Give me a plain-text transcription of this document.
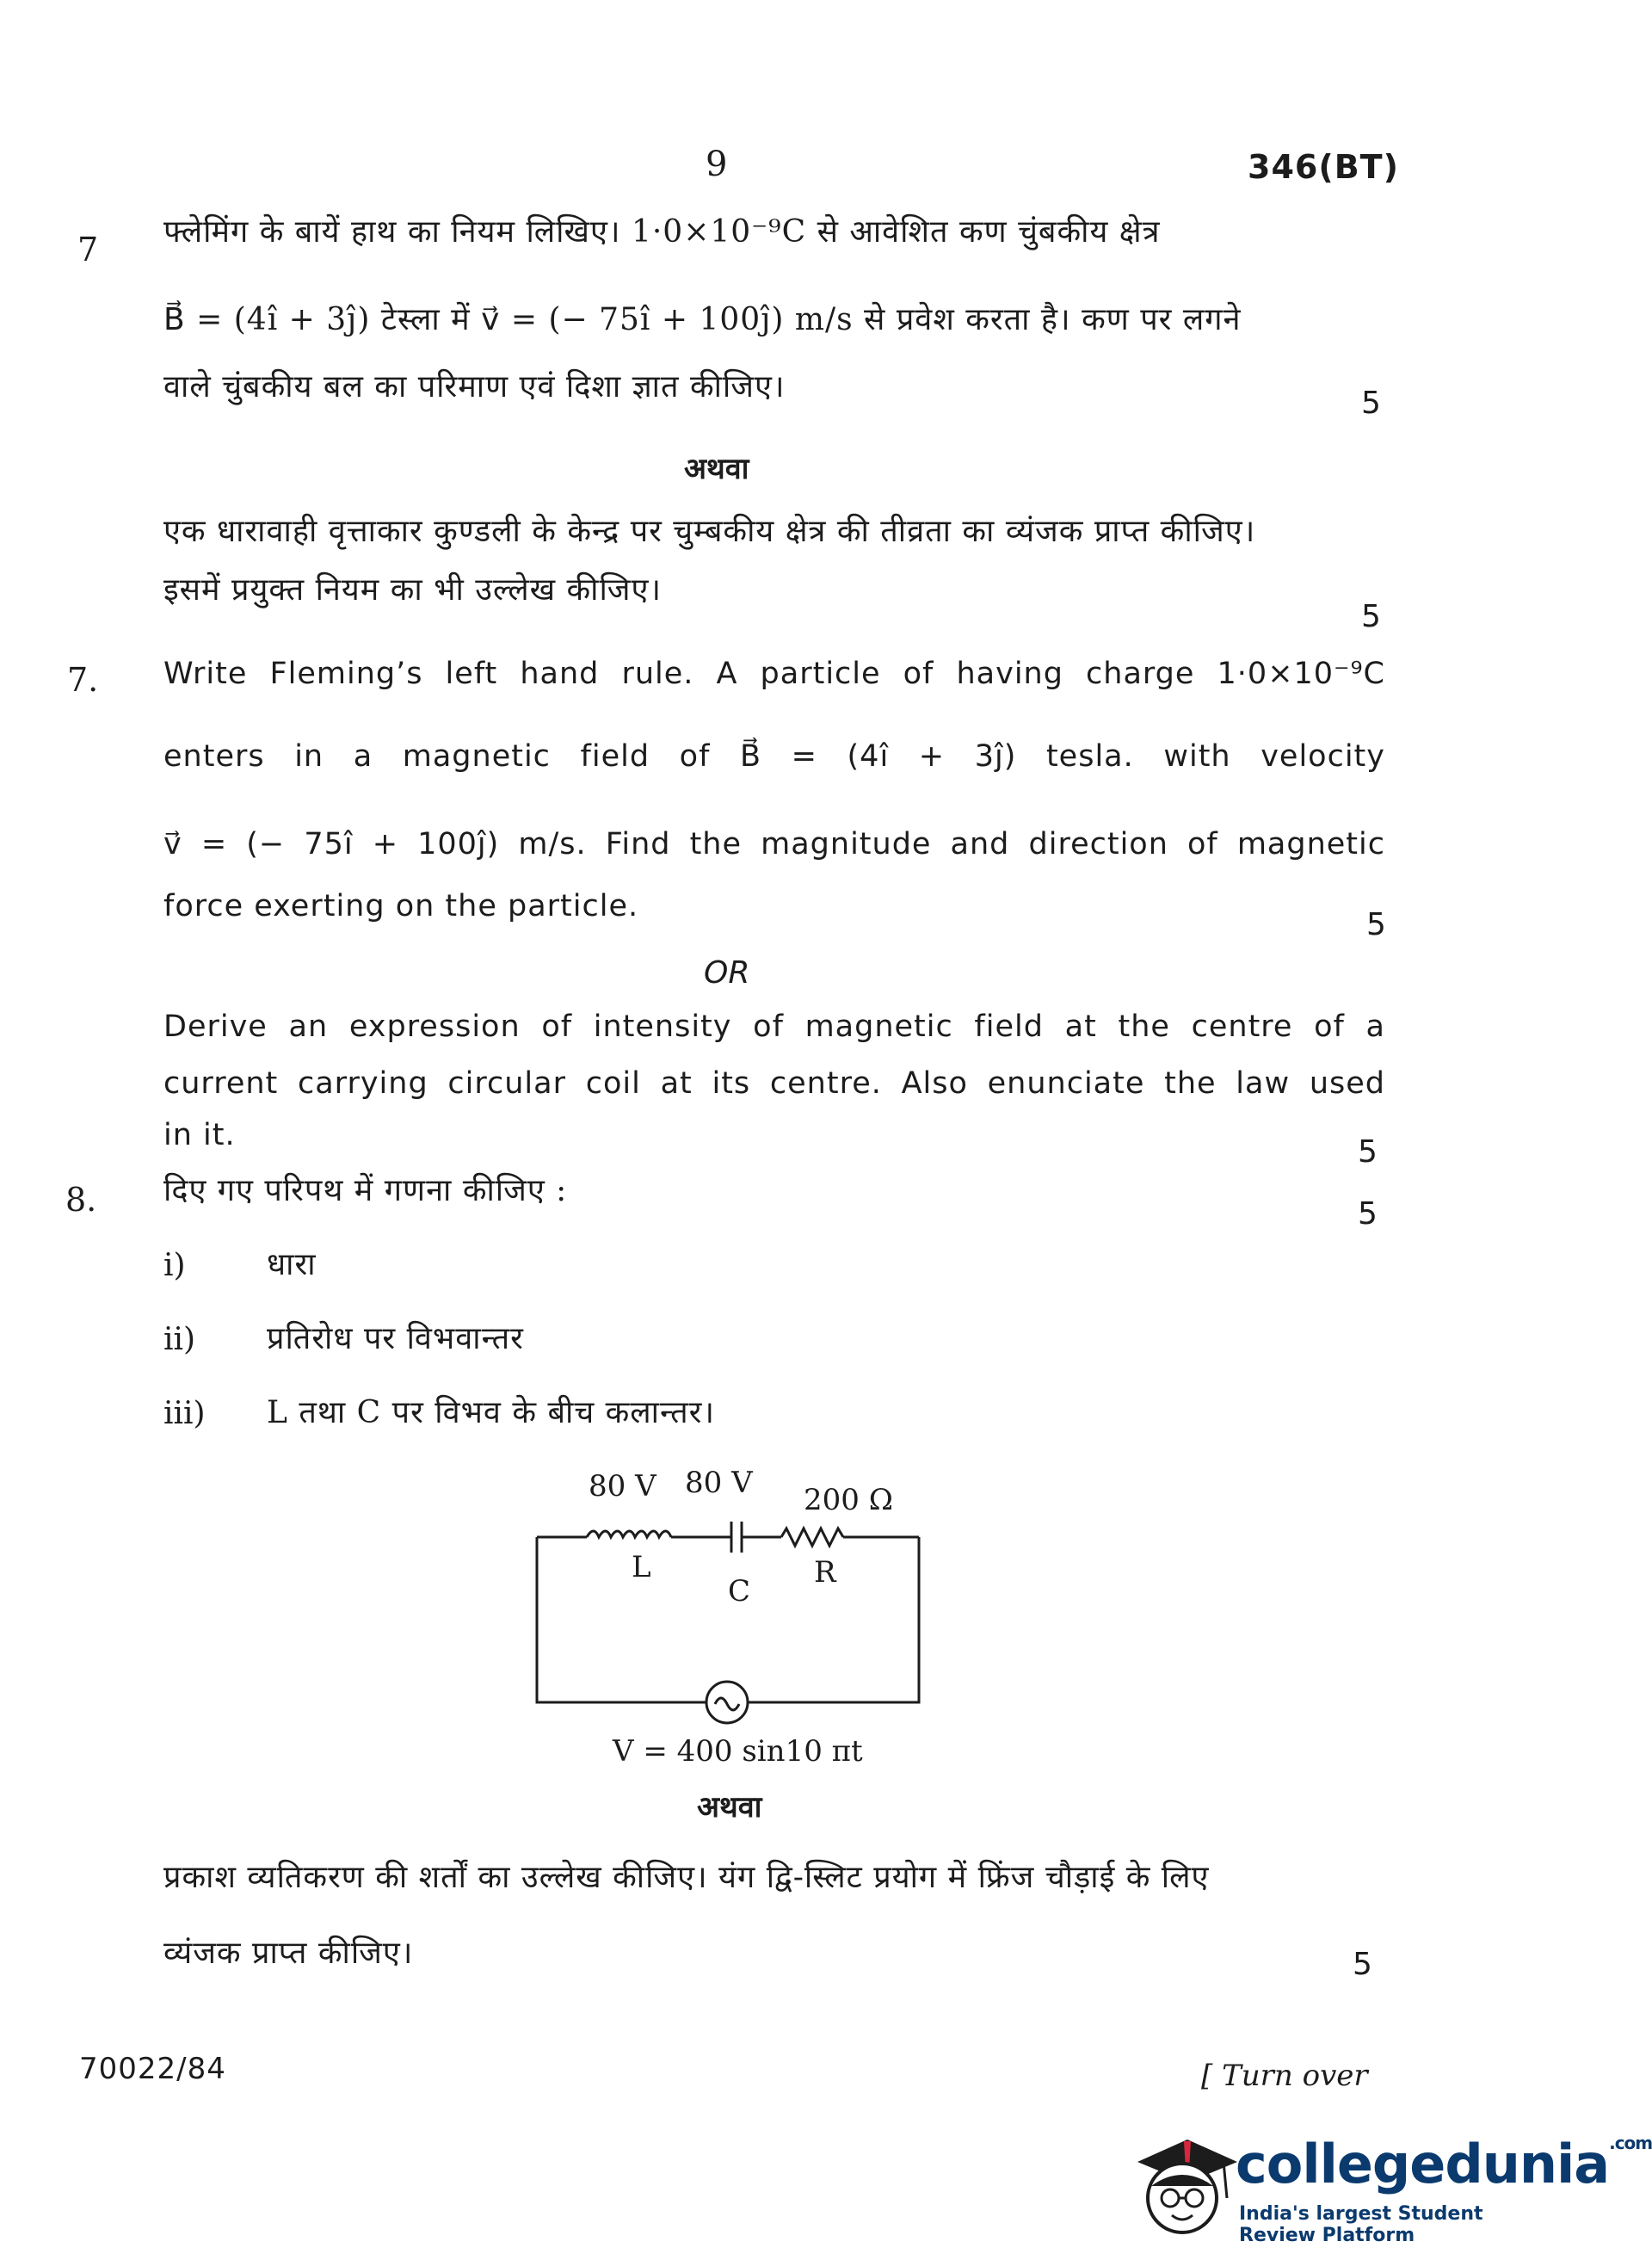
9	346(BT)
7 फ्लेमिंग के बायें हाथ का नियम लिखिए। 1·0×10⁻⁹C से आवेशित कण चुंबकीय क्षेत्र
B⃗ = (4î + 3ĵ) टेस्ला में v⃗ = (− 75î + 100ĵ) m/s से प्रवेश करता है। कण पर लगने
वाले चुंबकीय बल का परिमाण एवं दिशा ज्ञात कीजिए।	5
अथवा
एक धारावाही वृत्ताकार कुण्डली के केन्द्र पर चुम्बकीय क्षेत्र की तीव्रता का व्यंजक प्राप्त कीजिए।
इसमें प्रयुक्त नियम का भी उल्लेख कीजिए।
5
7. Write Fleming’s left hand rule. A particle of having charge 1·0×10⁻⁹C
enters in a magnetic field of B⃗ = (4î + 3ĵ) tesla. with velocity
v⃗ = (− 75î + 100ĵ) m/s. Find the magnitude and direction of magnetic
force exerting on the particle.
5
OR
Derive an expression of intensity of magnetic field at the centre of a
current carrying circular coil at its centre. Also enunciate the law used
in it.	5
8. दिए गए परिपथ में गणना कीजिए :
5
i)	धारा
ii) प्रतिरोध पर विभवान्तर
iii) L तथा C पर विभव के बीच कलान्तर।
80 V 80 V 200 Ω
L
C
R
V = 400 sin10 πt
अथवा
प्रकाश व्यतिकरण की शर्तों का उल्लेख कीजिए। यंग द्वि-स्लिट प्रयोग में फ्रिंज चौड़ाई के लिए
व्यंजक प्राप्त कीजिए।	5
70022/84	[ Turn over
collegedunia$^{.com}$
India's largest Student Review Platform
